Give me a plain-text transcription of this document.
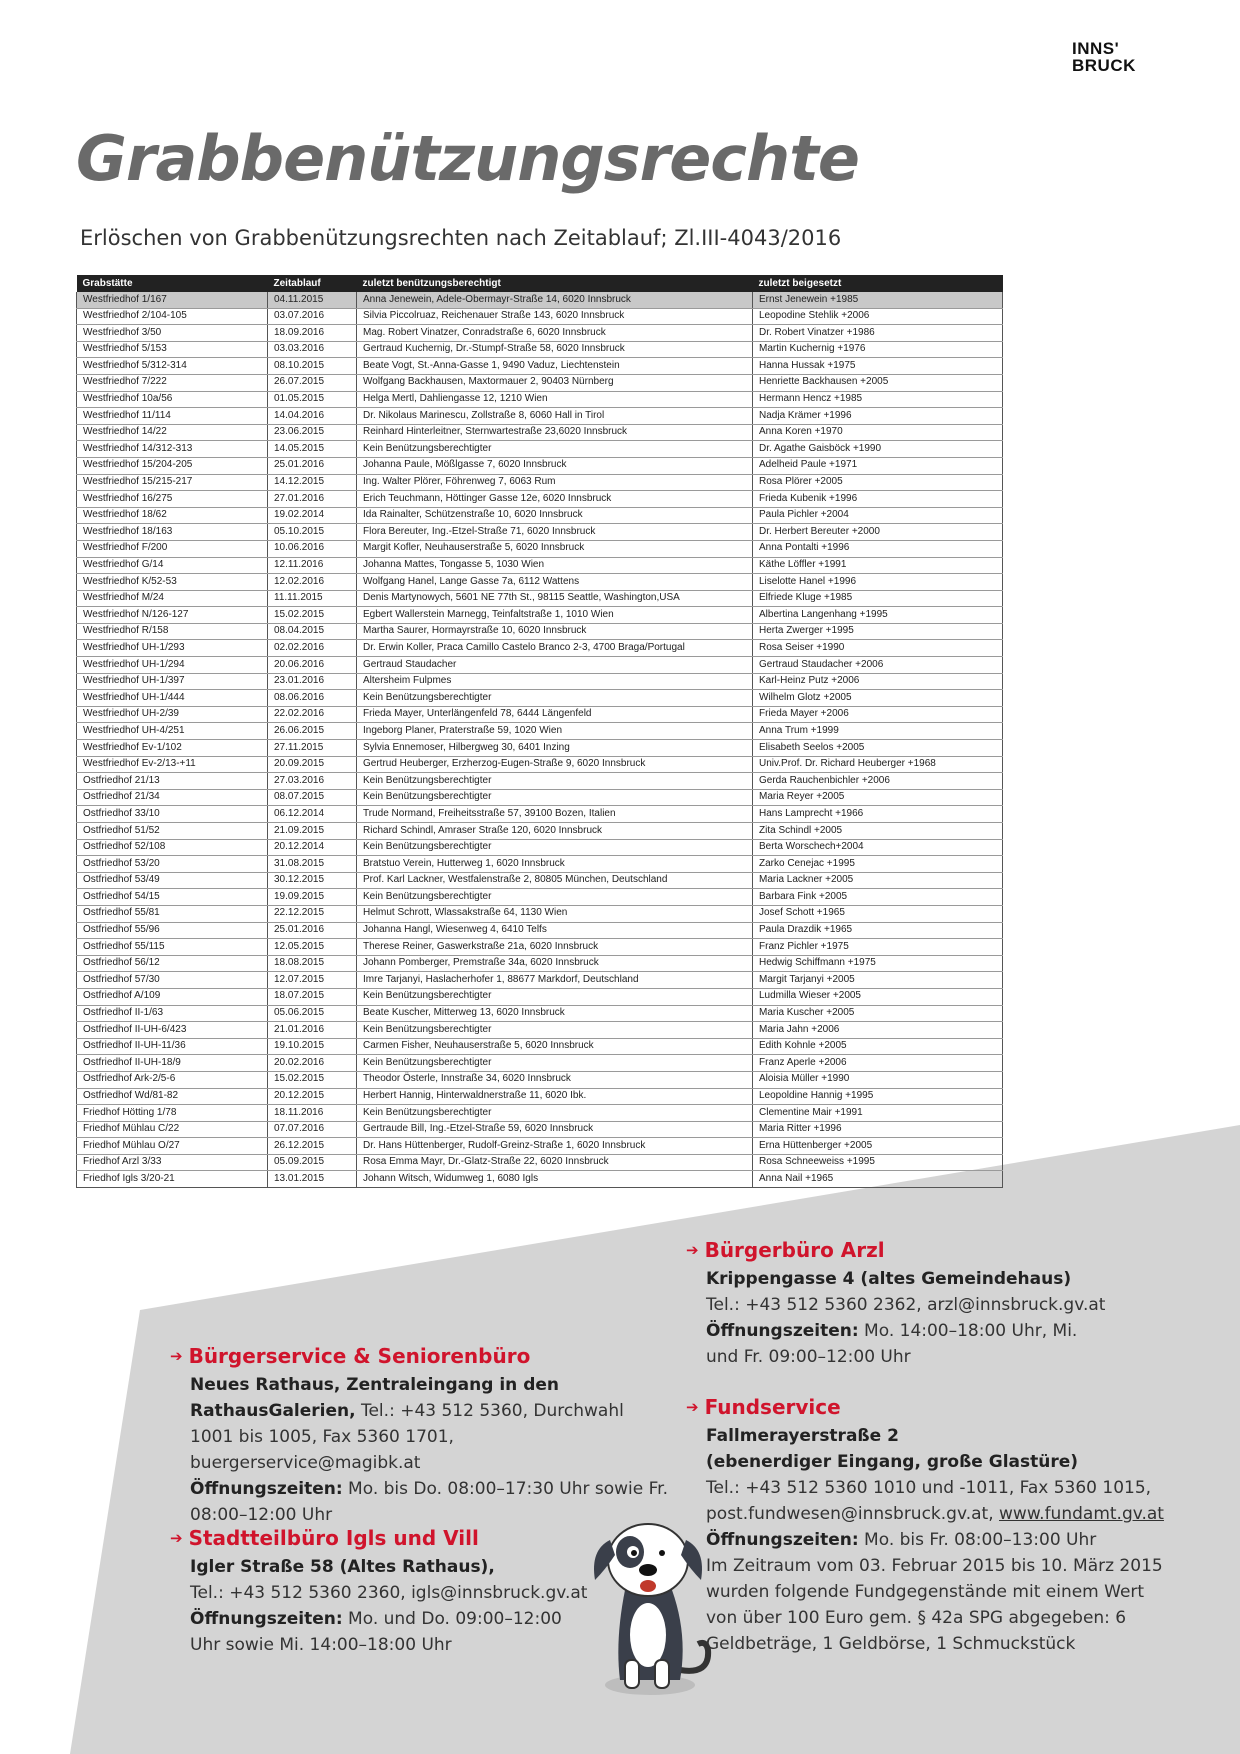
INNS'
BRUCK
Grabbenützungsrechte

Erlöschen von Grabbenützungsrechten nach Zeitablauf; Zl.III-4043/2016

Grabstätte	Zeitablauf	zuletzt benützungsberechtigt	zuletzt beigesetzt
Westfriedhof 1/167	04.11.2015	Anna Jenewein, Adele-Obermayr-Straße 14, 6020 Innsbruck	Ernst Jenewein +1985
Westfriedhof 2/104-105	03.07.2016	Silvia Piccolruaz, Reichenauer Straße 143, 6020 Innsbruck	Leopodine Stehlik +2006
Westfriedhof 3/50	18.09.2016	Mag. Robert Vinatzer, Conradstraße 6, 6020 Innsbruck	Dr. Robert Vinatzer +1986
Westfriedhof 5/153	03.03.2016	Gertraud Kuchernig, Dr.-Stumpf-Straße 58, 6020 Innsbruck	Martin Kuchernig +1976
Westfriedhof 5/312-314	08.10.2015	Beate Vogt, St.-Anna-Gasse 1, 9490 Vaduz, Liechtenstein	Hanna Hussak +1975
Westfriedhof 7/222	26.07.2015	Wolfgang Backhausen, Maxtormauer 2, 90403 Nürnberg	Henriette Backhausen +2005
Westfriedhof 10a/56	01.05.2015	Helga Mertl, Dahliengasse 12, 1210 Wien	Hermann Hencz +1985
Westfriedhof 11/114	14.04.2016	Dr. Nikolaus Marinescu, Zollstraße 8, 6060 Hall in Tirol	Nadja Krämer +1996
Westfriedhof 14/22	23.06.2015	Reinhard Hinterleitner, Sternwartestraße 23,6020 Innsbruck	Anna Koren +1970
Westfriedhof 14/312-313	14.05.2015	Kein Benützungsberechtigter	Dr. Agathe Gaisböck +1990
Westfriedhof 15/204-205	25.01.2016	Johanna Paule, Mößlgasse 7, 6020 Innsbruck	Adelheid Paule +1971
Westfriedhof 15/215-217	14.12.2015	Ing. Walter Plörer, Föhrenweg 7, 6063 Rum	Rosa Plörer +2005
Westfriedhof 16/275	27.01.2016	Erich Teuchmann, Höttinger Gasse 12e, 6020 Innsbruck	Frieda Kubenik +1996
Westfriedhof 18/62	19.02.2014	Ida Rainalter, Schützenstraße 10, 6020 Innsbruck	Paula Pichler +2004
Westfriedhof 18/163	05.10.2015	Flora Bereuter, Ing.-Etzel-Straße 71, 6020 Innsbruck	Dr. Herbert Bereuter +2000
Westfriedhof F/200	10.06.2016	Margit Kofler, Neuhauserstraße 5, 6020 Innsbruck	Anna Pontalti +1996
Westfriedhof G/14	12.11.2016	Johanna Mattes, Tongasse 5, 1030 Wien	Käthe Löffler +1991
Westfriedhof K/52-53	12.02.2016	Wolfgang Hanel, Lange Gasse 7a, 6112 Wattens	Liselotte Hanel +1996
Westfriedhof M/24	11.11.2015	Denis Martynowych, 5601 NE 77th St., 98115 Seattle, Washington,USA	Elfriede Kluge +1985
Westfriedhof N/126-127	15.02.2015	Egbert Wallerstein Marnegg, Teinfaltstraße 1, 1010 Wien	Albertina Langenhang +1995
Westfriedhof R/158	08.04.2015	Martha Saurer, Hormayrstraße 10, 6020 Innsbruck	Herta Zwerger +1995
Westfriedhof UH-1/293	02.02.2016	Dr. Erwin Koller, Praca Camillo Castelo Branco 2-3, 4700 Braga/Portugal	Rosa Seiser +1990
Westfriedhof UH-1/294	20.06.2016	Gertraud Staudacher	Gertraud Staudacher +2006
Westfriedhof UH-1/397	23.01.2016	Altersheim Fulpmes	Karl-Heinz Putz +2006
Westfriedhof UH-1/444	08.06.2016	Kein Benützungsberechtigter	Wilhelm Glotz +2005
Westfriedhof UH-2/39	22.02.2016	Frieda Mayer, Unterlängenfeld 78, 6444 Längenfeld	Frieda Mayer +2006
Westfriedhof UH-4/251	26.06.2015	Ingeborg Planer, Praterstraße 59, 1020 Wien	Anna Trum +1999
Westfriedhof Ev-1/102	27.11.2015	Sylvia Ennemoser, Hilbergweg 30, 6401 Inzing	Elisabeth Seelos +2005
Westfriedhof Ev-2/13-+11	20.09.2015	Gertrud Heuberger, Erzherzog-Eugen-Straße 9, 6020 Innsbruck	Univ.Prof. Dr. Richard Heuberger +1968
Ostfriedhof 21/13	27.03.2016	Kein Benützungsberechtigter	Gerda Rauchenbichler +2006
Ostfriedhof 21/34	08.07.2015	Kein Benützungsberechtigter	Maria Reyer +2005
Ostfriedhof 33/10	06.12.2014	Trude Normand, Freiheitsstraße 57, 39100 Bozen, Italien	Hans Lamprecht +1966
Ostfriedhof 51/52	21.09.2015	Richard Schindl, Amraser Straße 120, 6020 Innsbruck	Zita Schindl +2005
Ostfriedhof 52/108	20.12.2014	Kein Benützungsberechtigter	Berta Worschech+2004
Ostfriedhof 53/20	31.08.2015	Bratstuo Verein, Hutterweg 1, 6020 Innsbruck	Zarko Cenejac +1995
Ostfriedhof 53/49	30.12.2015	Prof. Karl Lackner, Westfalenstraße 2, 80805 München, Deutschland	Maria Lackner +2005
Ostfriedhof 54/15	19.09.2015	Kein Benützungsberechtigter	Barbara Fink +2005
Ostfriedhof 55/81	22.12.2015	Helmut Schrott, Wlassakstraße 64, 1130 Wien	Josef Schott +1965
Ostfriedhof 55/96	25.01.2016	Johanna Hangl, Wiesenweg 4, 6410 Telfs	Paula Drazdik +1965
Ostfriedhof 55/115	12.05.2015	Therese Reiner, Gaswerkstraße 21a, 6020 Innsbruck	Franz Pichler +1975
Ostfriedhof 56/12	18.08.2015	Johann Pomberger, Premstraße 34a, 6020 Innsbruck	Hedwig Schiffmann +1975
Ostfriedhof 57/30	12.07.2015	Imre Tarjanyi, Haslacherhofer 1, 88677 Markdorf, Deutschland	Margit Tarjanyi +2005
Ostfriedhof A/109	18.07.2015	Kein Benützungsberechtigter	Ludmilla Wieser +2005
Ostfriedhof II-1/63	05.06.2015	Beate Kuscher, Mitterweg 13, 6020 Innsbruck	Maria Kuscher +2005
Ostfriedhof II-UH-6/423	21.01.2016	Kein Benützungsberechtigter	Maria Jahn +2006
Ostfriedhof II-UH-11/36	19.10.2015	Carmen Fisher, Neuhauserstraße 5, 6020 Innsbruck	Edith Kohnle +2005
Ostfriedhof II-UH-18/9	20.02.2016	Kein Benützungsberechtigter	Franz Aperle +2006
Ostfriedhof Ark-2/5-6	15.02.2015	Theodor Österle, Innstraße 34, 6020 Innsbruck	Aloisia Müller +1990
Ostfriedhof Wd/81-82	20.12.2015	Herbert Hannig, Hinterwaldnerstraße 11, 6020 Ibk.	Leopoldine Hannig +1995
Friedhof Hötting 1/78	18.11.2016	Kein Benützungsberechtigter	Clementine Mair +1991
Friedhof Mühlau C/22	07.07.2016	Gertraude Bill, Ing.-Etzel-Straße 59, 6020 Innsbruck	Maria Ritter +1996
Friedhof Mühlau O/27	26.12.2015	Dr. Hans Hüttenberger, Rudolf-Greinz-Straße 1, 6020 Innsbruck	Erna Hüttenberger +2005
Friedhof Arzl 3/33	05.09.2015	Rosa Emma Mayr, Dr.-Glatz-Straße 22, 6020 Innsbruck	Rosa Schneeweiss +1995
Friedhof Igls 3/20-21	13.01.2015	Johann Witsch, Widumweg 1, 6080 Igls	Anna Nail +1965
➔ Bürgerservice & Seniorenbüro
Neues Rathaus, Zentraleingang in den RathausGalerien, Tel.: +43 512 5360, Durchwahl 1001 bis 1005, Fax 5360 1701, buergerservice@magibk.at
Öffnungszeiten: Mo. bis Do. 08:00–17:30 Uhr sowie Fr. 08:00–12:00 Uhr
➔ Stadtteilbüro Igls und Vill
Igler Straße 58 (Altes Rathaus),
Tel.: +43 512 5360 2360, igls@innsbruck.gv.at
Öffnungszeiten: Mo. und Do. 09:00–12:00 Uhr sowie Mi. 14:00–18:00 Uhr
➔ Bürgerbüro Arzl
Krippengasse 4 (altes Gemeindehaus)
Tel.: +43 512 5360 2362, arzl@innsbruck.gv.at
Öffnungszeiten: Mo. 14:00–18:00 Uhr, Mi. und Fr. 09:00–12:00 Uhr
➔ Fundservice
Fallmerayerstraße 2
(ebenerdiger Eingang, große Glastüre)
Tel.: +43 512 5360 1010 und -1011, Fax 5360 1015, post.fundwesen@innsbruck.gv.at, www.fundamt.gv.at
Öffnungszeiten: Mo. bis Fr. 08:00–13:00 Uhr
Im Zeitraum vom 03. Februar 2015 bis 10. März 2015 wurden folgende Fundgegenstände mit einem Wert von über 100 Euro gem. § 42a SPG abgegeben: 6 Geldbeträge, 1 Geldbörse, 1 Schmuckstück
